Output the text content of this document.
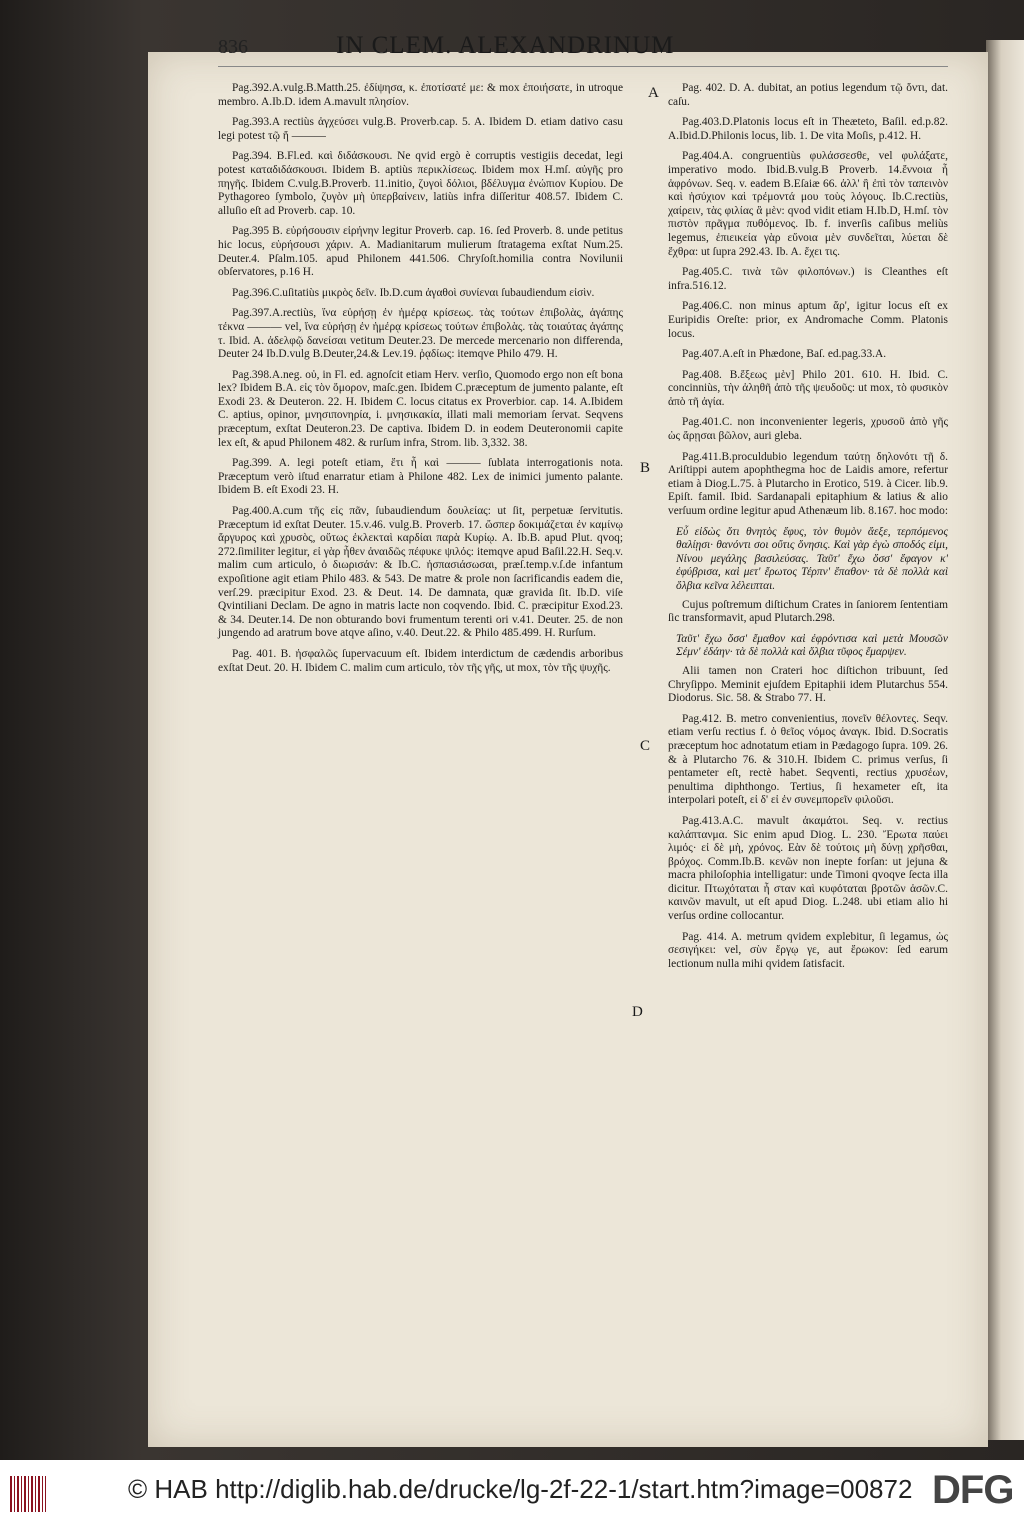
836	IN CLEM. ALEXANDRINUM
A
B
C
D

Pag.392.A.vulg.B.Matth.25. ἐδίψησα, κ. ἐποτίσατέ με: & mox ἐποιήσατε, in utroque membro. A.Ib.D. idem A.mavult πλησίον.

Pag.393.A rectiùs ἀγχεύσει vulg.B. Proverb.cap. 5. A. Ibidem D. etiam dativo casu legi potest τῷ ἤ ———

Pag.394. B.Fl.ed. καὶ διδάσκουσι. Ne qvid ergò è corruptis vestigiis decedat, legi potest καταδιδάσκουσι. Ibidem B. aptiùs περικλίσεως. Ibidem mox H.mſ. αὐγῆς pro πηγῆς. Ibidem C.vulg.B.Proverb. 11.initio, ζυγοὶ δόλιοι, βδέλυγμα ἐνώπιον Κυρίου. De Pythagoreo ſymbolo, ζυγὸν μὴ ὑπερβαίνειν, latiùs infra diſſeritur 408.57. Ibidem C. alluſio eſt ad Proverb. cap. 10.

Pag.395 B. εὑρήσουσιν εἰρήνην legitur Proverb. cap. 16. ſed Proverb. 8. unde petitus hic locus, εὑρήσουσι χάριν. A. Madianitarum mulierum ſtratagema exſtat Num.25. Deuter.4. Pſalm.105. apud Philonem 441.506. Chryſoſt.homilia contra Novilunii obſervatores, p.16 H.

Pag.396.C.uſitatiùs μικρὸς δεῖν. Ib.D.cum ἀγαθοὶ συνίεναι ſubaudiendum εἰσὶν.

Pag.397.A.rectiùs, ἵνα εὑρήσῃ ἐν ἡμέρᾳ κρίσεως. τὰς τούτων ἐπιβολὰς, ἀγάπης τέκνα ——— vel, ἵνα εὑρήσῃ ἐν ἡμέρᾳ κρίσεως τούτων ἐπιβολὰς. τὰς τοιαύτας ἀγάπης τ. Ibid. A. ἀδελφῷ δανείσαι vetitum Deuter.23. De mercede mercenario non differenda, Deuter 24 Ib.D.vulg B.Deuter,24.& Lev.19. ῥᾳδίως: itemqve Philo 479. H.

Pag.398.A.neg. οὐ, in Fl. ed. agnoſcit etiam Herv. verſio, Quomodo ergo non eſt bona lex? Ibidem B.A. εἰς τὸν ὅμορον, maſc.gen. Ibidem C.præceptum de jumento palante, eſt Exodi 23. & Deuteron. 22. H. Ibidem C. locus citatus ex Proverbior. cap. 14. A.Ibidem C. aptius, opinor, μνησιπονηρία, i. μνησικακία, illati mali memoriam ſervat. Seqvens præceptum, exſtat Deuteron.23. De captiva. Ibidem D. in eodem Deuteronomii capite lex eſt, & apud Philonem 482. & rurſum infra, Strom. lib. 3,332. 38.

Pag.399. A. legi poteſt etiam, ἔτι ἦ καὶ ——— ſublata interrogationis nota. Præceptum verò iſtud enarratur etiam à Philone 482. Lex de inimici jumento palante. Ibidem B. eſt Exodi 23. H.

Pag.400.A.cum τῆς εἰς πᾶν, ſubaudiendum δουλείας: ut ſit, perpetuæ ſervitutis. Præceptum id exſtat Deuter. 15.v.46. vulg.B. Proverb. 17. ὥσπερ δοκιμάζεται ἐν καμίνῳ ἄργυρος καὶ χρυσὸς, οὕτως ἐκλεκταὶ καρδίαι παρὰ Κυρίῳ. A. Ib.B. apud Plut. qvoq; 272.ſimiliter legitur, εἰ γὰρ ἦθεν ἀναιδῶς πέφυκε ψιλός: itemqve apud Baſil.22.H. Seq.v. malim cum articulo, ὁ διωρισάν: & Ib.C. ἠσπασιάσωσαι, præſ.temp.v.ſ.de infantum expoſitione agit etiam Philo 483. & 543. De matre & prole non ſacrificandis eadem die, verſ.29. præcipitur Exod. 23. & Deut. 14. De damnata, quæ gravida ſit. Ib.D. viſe Qvintiliani Declam. De agno in matris lacte non coqvendo. Ibid. C. præcipitur Exod.23. & 34. Deuter.14. De non obturando bovi frumentum terenti ori v.41. Deuter. 25. de non jungendo ad aratrum bove atqve aſino, v.40. Deut.22. & Philo 485.499. H. Rurſum.

Pag. 401. B. ἠσφαλῶς ſupervacuum eſt. Ibidem interdictum de cædendis arboribus exſtat Deut. 20. H. Ibidem C. malim cum articulo, τὸν τῆς γῆς, ut mox, τὸν τῆς ψυχῆς.

Pag. 402. D. A. dubitat, an potius legendum τῷ ὄντι, dat. caſu.

Pag.403.D.Platonis locus eſt in Theæteto, Baſil. ed.p.82. A.Ibid.D.Philonis locus, lib. 1. De vita Moſis, p.412. H.

Pag.404.A. congruentiùs φυλάσσεσθε, vel φυλάξατε, imperativo modo. Ibid.B.vulg.B Proverb. 14.ἔννοια ἦ ἀφρόνων. Seq. v. eadem B.Eſaiæ 66. ἀλλ' ἢ ἐπὶ τὸν ταπεινὸν καὶ ἡσύχιον καὶ τρέμοντά μου τοὺς λόγους. Ib.C.rectiùs, χαίρειν, τὰς φιλίας ἃ μὲν: qvod vidit etiam H.Ib.D, H.mſ. τὸν πιστὸν πρᾶγμα πυθόμενος. Ib. f. inverſis caſibus meliùs legemus, ἐπιεικεία γὰρ εὔνοια μὲν συνδεῖται, λύεται δὲ ἔχθρα: ut ſupra 292.43. Ib. A. ἔχει τις.

Pag.405.C. τινὰ τῶν φιλοπόνων.) is Cleanthes eſt infra.516.12.

Pag.406.C. non minus aptum ἄρ', igitur locus eſt ex Euripidis Oreſte: prior, ex Andromache Comm. Platonis locus.

Pag.407.A.eſt in Phædone, Baſ. ed.pag.33.A.

Pag.408. B.ἔξεως μὲν] Philo 201. 610. H. Ibid. C. concinniùs, τὴν ἀληθῆ ἀπὸ τῆς ψευδοῦς: ut mox, τὸ φυσικὸν ἀπὸ τῆ ἀγία.

Pag.401.C. non inconvenienter legeris, χρυσοῦ ἀπὸ γῆς ὡς ἄρῃσαι βῶλον, auri gleba.

Pag.411.B.proculdubio legendum ταύτῃ δηλονότι τῇ δ. Ariſtippi autem apophthegma hoc de Laidis amore, refertur etiam à Diog.L.75. à Plutarcho in Erotico, 519. à Cicer. lib.9. Epiſt. famil. Ibid. Sardanapali epitaphium & latius & alio verſuum ordine legitur apud Athenæum lib. 8.167. hoc modo:

Εὖ εἰδὼς ὅτι θνητὸς ἔφυς, τὸν θυμὸν ἄεξε, τερπόμενος θαλίῃσι· θανόντι σοι οὔτις ὄνησις. Καὶ γὰρ ἐγὼ σποδός εἰμι, Νίνου μεγάλης βασιλεύσας. Ταῦτ' ἔχω ὅσσ' ἔφαγον κ' ἐφύβρισα, καὶ μετ' ἔρωτος Τέρπν' ἔπαθον· τὰ δὲ πολλὰ καὶ ὄλβια κεῖνα λέλειπται.

Cujus poſtremum diſtichum Crates in ſaniorem ſententiam ſic transformavit, apud Plutarch.298.

Ταῦτ' ἔχω ὅσσ' ἔμαθον καὶ ἐφρόντισα καὶ μετὰ Μουσῶν Σέμν' ἐδάην· τὰ δὲ πολλὰ καὶ ὄλβια τῦφος ἔμαρψεν.

Alii tamen non Crateri hoc diſtichon tribuunt, ſed Chryſippo. Meminit ejuſdem Epitaphii idem Plutarchus 554. Diodorus. Sic. 58. & Strabo 77. H.

Pag.412. B. metro convenientius, πονεῖν θέλοντες. Seqv. etiam verſu rectius f. ὁ θεῖος νόμος ἀναγκ. Ibid. D.Socratis præceptum hoc adnotatum etiam in Pædagogo ſupra. 109. 26. & à Plutarcho 76. & 310.H. Ibidem C. primus verſus, ſi pentameter eſt, rectè habet. Seqventi, rectius χρυσέων, penultima diphthongo. Tertius, ſi hexameter eſt, ita interpolari poteſt, εἰ δ' εἰ ἐν συνεμπορεῖν φιλοῦσι.

Pag.413.A.C. mavult ἀκαμάτοι. Seq. v. rectius καλάπτανμα. Sic enim apud Diog. L. 230. Ἔρωτα παύει λιμός· εἰ δὲ μὴ, χρόνος. Εὰν δὲ τούτοις μὴ δύνῃ χρῆσθαι, βρόχος. Comm.Ib.B. κενῶν non inepte forſan: ut jejuna & macra philoſophia intelligatur: unde Timoni qvoqve ſecta illa dicitur. Πτωχόταται ἦ σταν καὶ κυφόταται βροτῶν ἀσῶν.C. καινῶν mavult, ut eſt apud Diog. L.248. ubi etiam alio hi verſus ordine collocantur.

Pag. 414. A. metrum qvidem explebitur, ſi legamus, ὡς σεσιγήκει: vel, σὺν ἔργῳ γε, aut ἔρωκον: ſed earum lectionum nulla mihi qvidem ſatisfacit.

© HAB http://diglib.hab.de/drucke/lg-2f-22-1/start.htm?image=00872 DFG
